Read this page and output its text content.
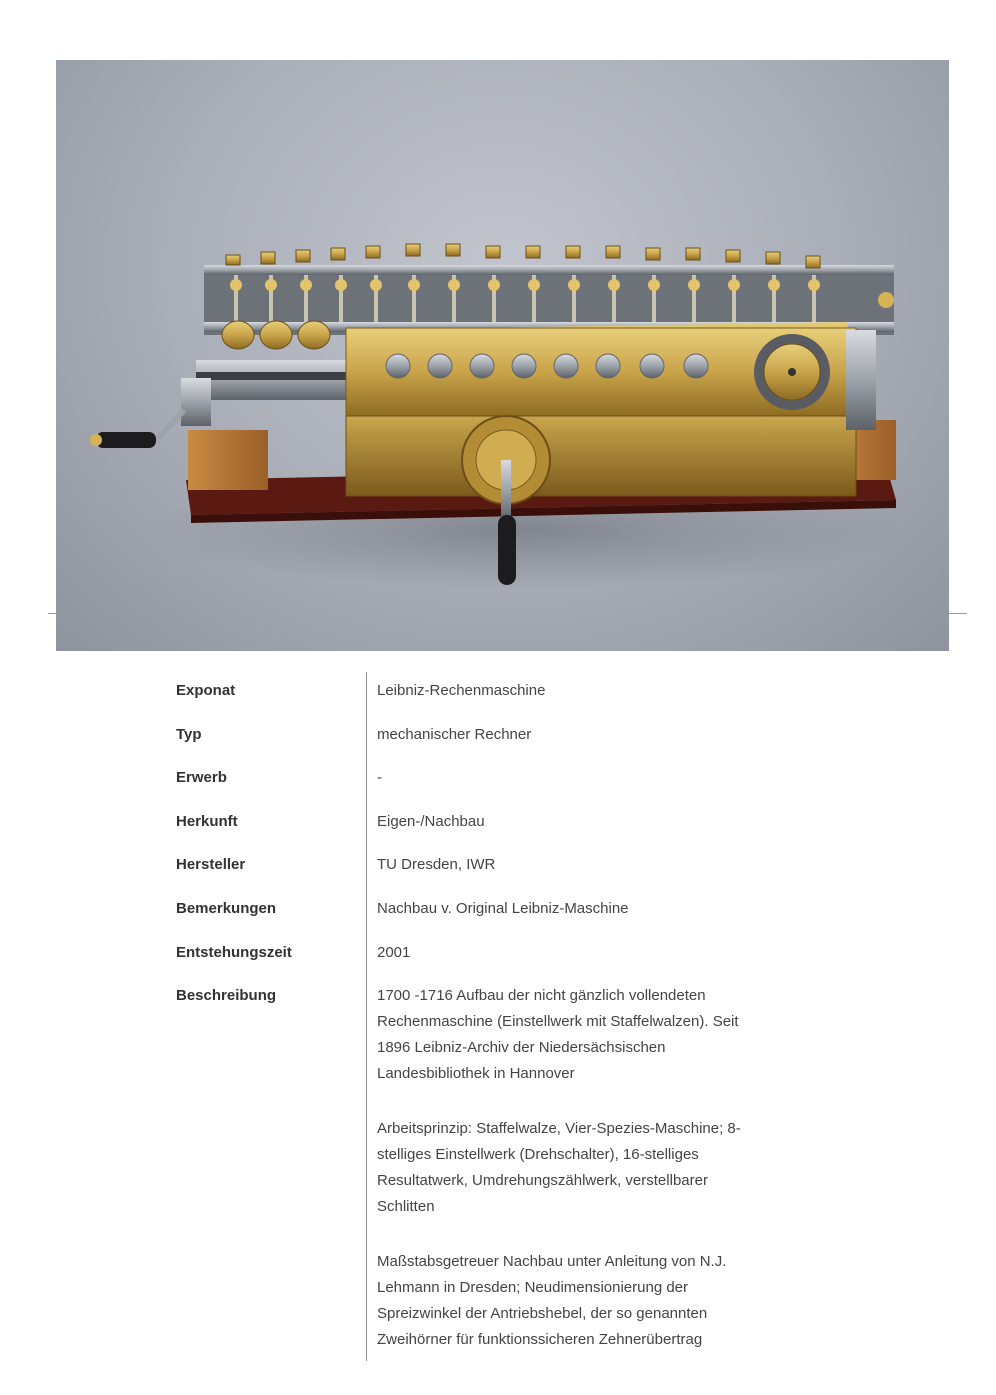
Exponat	Leibniz-Rechenmaschine
Typ	mechanischer Rechner
Erwerb	-
Herkunft	Eigen-/Nachbau
Hersteller	TU Dresden, IWR
Bemerkungen	Nachbau v. Original Leibniz-Maschine
Entstehungszeit	2001
Beschreibung	1700 -1716 Aufbau der nicht gänzlich vollendeten Rechenmaschine (Einstellwerk mit Staffelwalzen). Seit 1896 Leibniz-Archiv der Niedersächsischen Landesbibliothek in Hannover

Arbeitsprinzip: Staffelwalze, Vier-Spezies-Maschine; 8-stelliges Einstellwerk (Drehschalter), 16-stelliges Resultatwerk, Umdrehungszählwerk, verstellbarer Schlitten

Maßstabsgetreuer Nachbau unter Anleitung von N.J. Lehmann in Dresden; Neudimensionierung der Spreizwinkel der Antriebshebel, der so genannten Zweihörner für funktionssicheren Zehnerübertrag
